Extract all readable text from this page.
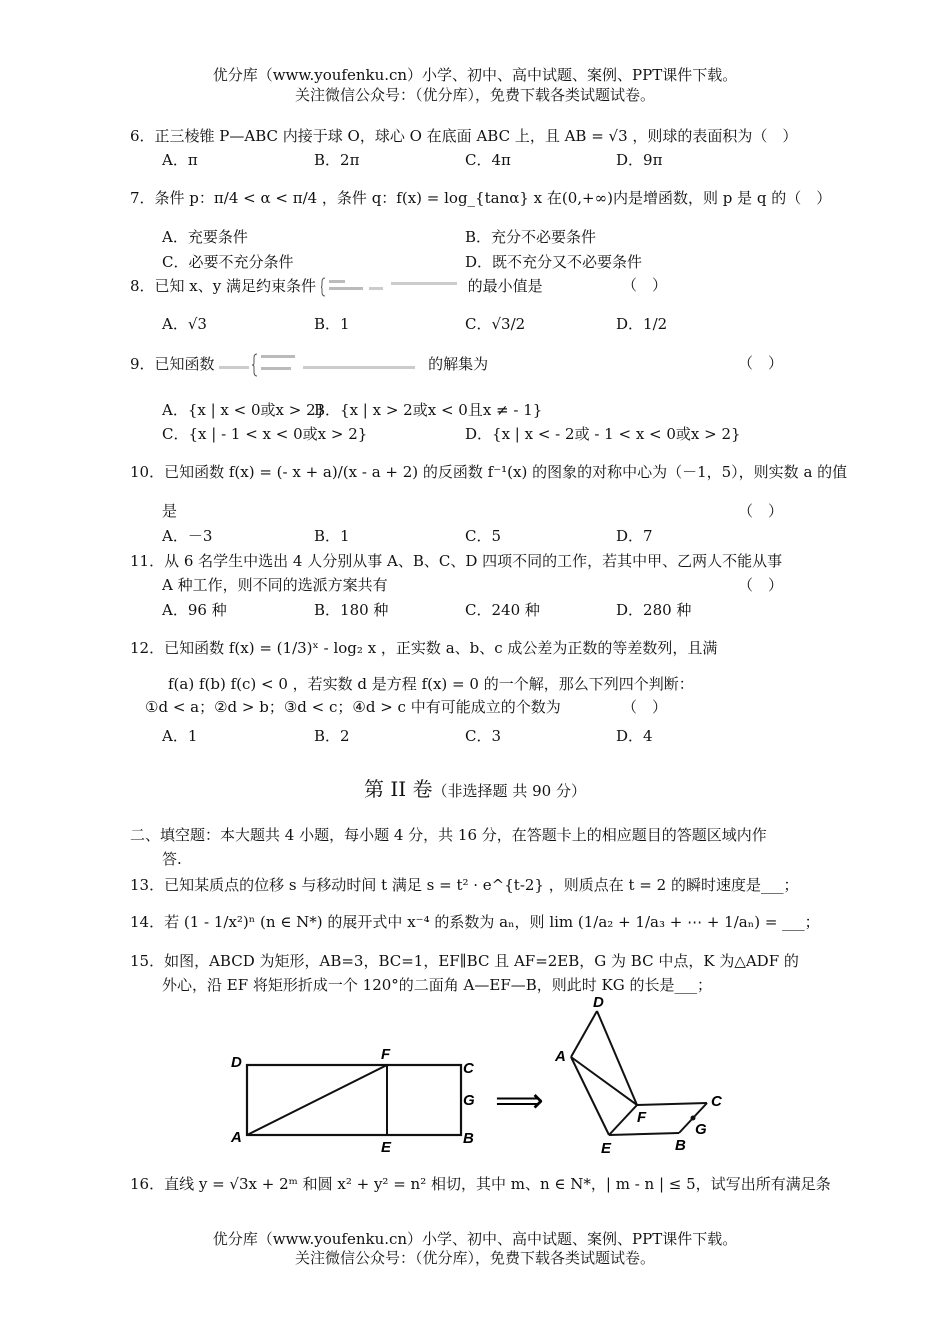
优分库（www.youfenku.cn）小学、初中、高中试题、案例、PPT课件下载。
关注微信公众号：（优分库），免费下载各类试题试卷。
6．正三棱锥 P—ABC 内接于球 O，球心 O 在底面 ABC 上，且 AB = √3 ，则球的表面积为（　）
A．π	B．2π	C．4π	D．9π
7．条件 p：π/4 < α < π/4 ，条件 q：f(x) = log_{tanα} x 在(0,+∞)内是增函数，则 p 是 q 的（　）
A．充要条件	B．充分不必要条件
C．必要不充分条件	D．既不充分又不必要条件
8．已知 x、y 满足约束条件	的最小值是	（　）
A．√3	B．1	C．√3/2	D．1/2
9．已知函数	的解集为	（　）
A．{x | x < 0或x > 2}
B．{x | x > 2或x < 0且x ≠ - 1}
C．{x | - 1 < x < 0或x > 2}	D．{x | x < - 2或 - 1 < x < 0或x > 2}
10．已知函数 f(x) = (- x + a)/(x - a + 2) 的反函数 f⁻¹(x) 的图象的对称中心为（－1，5），则实数 a 的值
是	（　）
A．－3	B．1	C．5	D．7
11．从 6 名学生中选出 4 人分别从事 A、B、C、D 四项不同的工作，若其中甲、乙两人不能从事
A 种工作，则不同的选派方案共有	（　）
A．96 种	B．180 种	C．240 种	D．280 种
12．已知函数 f(x) = (1/3)ˣ - log₂ x ，正实数 a、b、c 成公差为正数的等差数列，且满
f(a) f(b) f(c) < 0 ，若实数 d 是方程 f(x) = 0 的一个解，那么下列四个判断：
①d < a；②d > b；③d < c；④d > c 中有可能成立的个数为	（　）
A．1	B．2	C．3	D．4
第 II 卷（非选择题 共 90 分）
二、填空题：本大题共 4 小题，每小题 4 分，共 16 分，在答题卡上的相应题目的答题区域内作
答.
13．已知某质点的位移 s 与移动时间 t 满足 s = t² · e^{t-2} ，则质点在 t = 2 的瞬时速度是___；
14．若 (1 - 1/x²)ⁿ (n ∈ N*) 的展开式中 x⁻⁴ 的系数为 aₙ，则 lim (1/a₂ + 1/a₃ + ⋯ + 1/aₙ) = ___；
15．如图，ABCD 为矩形，AB=3，BC=1，EF∥BC 且 AF=2EB，G 为 BC 中点，K 为△ADF 的
外心，沿 EF 将矩形折成一个 120°的二面角 A—EF—B，则此时 KG 的长是___；
D	F
C
G
A
E
B
⟹
D
A
F
C
G
E	B
16．直线 y = √3x + 2ᵐ 和圆 x² + y² = n² 相切，其中 m、n ∈ N*，| m - n | ≤ 5，试写出所有满足条
优分库（www.youfenku.cn）小学、初中、高中试题、案例、PPT课件下载。
关注微信公众号：（优分库），免费下载各类试题试卷。
